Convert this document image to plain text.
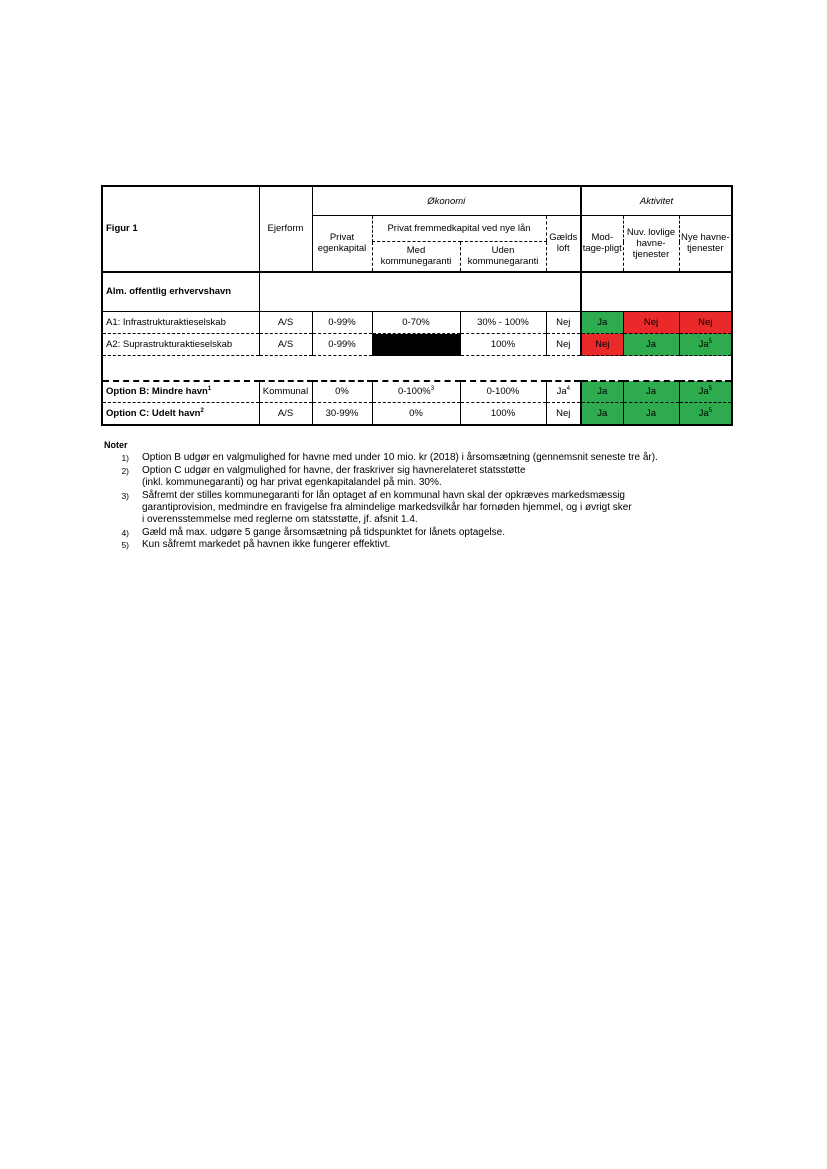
Figur 1	Ejerform	Økonomi				Aktivitet		
		Privat egenkapital	Privat fremmedkapital ved nye lån		Gælds loft	Mod-tage-pligt	Nuv. lovlige havne-tjenester	Nye havne-tjenester
			Med kommunegaranti	Uden kommunegaranti				
Alm. offentlig erhvervshavn								
A1: Infrastrukturaktieselskab	A/S	0-99%	0-70%	30% - 100%	Nej	Ja	Nej	Nej
A2: Suprastrukturaktieselskab	A/S	0-99%	0%	100%	Nej	Nej	Ja	Ja$^5$

Option B: Mindre havn$^1$	Kommunal	0%	0-100%$^3$	0-100%	Ja$^4$	Ja	Ja	Ja$^5$
Option C: Udelt havn$^2$	A/S	30-99%	0%	100%	Nej	Ja	Ja	Ja$^5$
Noter
1)	Option B udgør en valgmulighed for havne med under 10 mio. kr (2018) i årsomsætning (gennemsnit seneste tre år).
2)	Option C udgør en valgmulighed for havne, der fraskriver sig havnerelateret statsstøtte
(inkl. kommunegaranti) og har privat egenkapitalandel på min. 30%.
3)	Såfremt der stilles kommunegaranti for lån optaget af en kommunal havn skal der opkræves markedsmæssig
garantiprovision, medmindre en fravigelse fra almindelige markedsvilkår har fornøden hjemmel, og i øvrigt sker
i overensstemmelse med reglerne om statsstøtte, jf. afsnit 1.4.
4)	Gæld må max. udgøre 5 gange årsomsætning på tidspunktet for lånets optagelse.
5)	Kun såfremt markedet på havnen ikke fungerer effektivt.
